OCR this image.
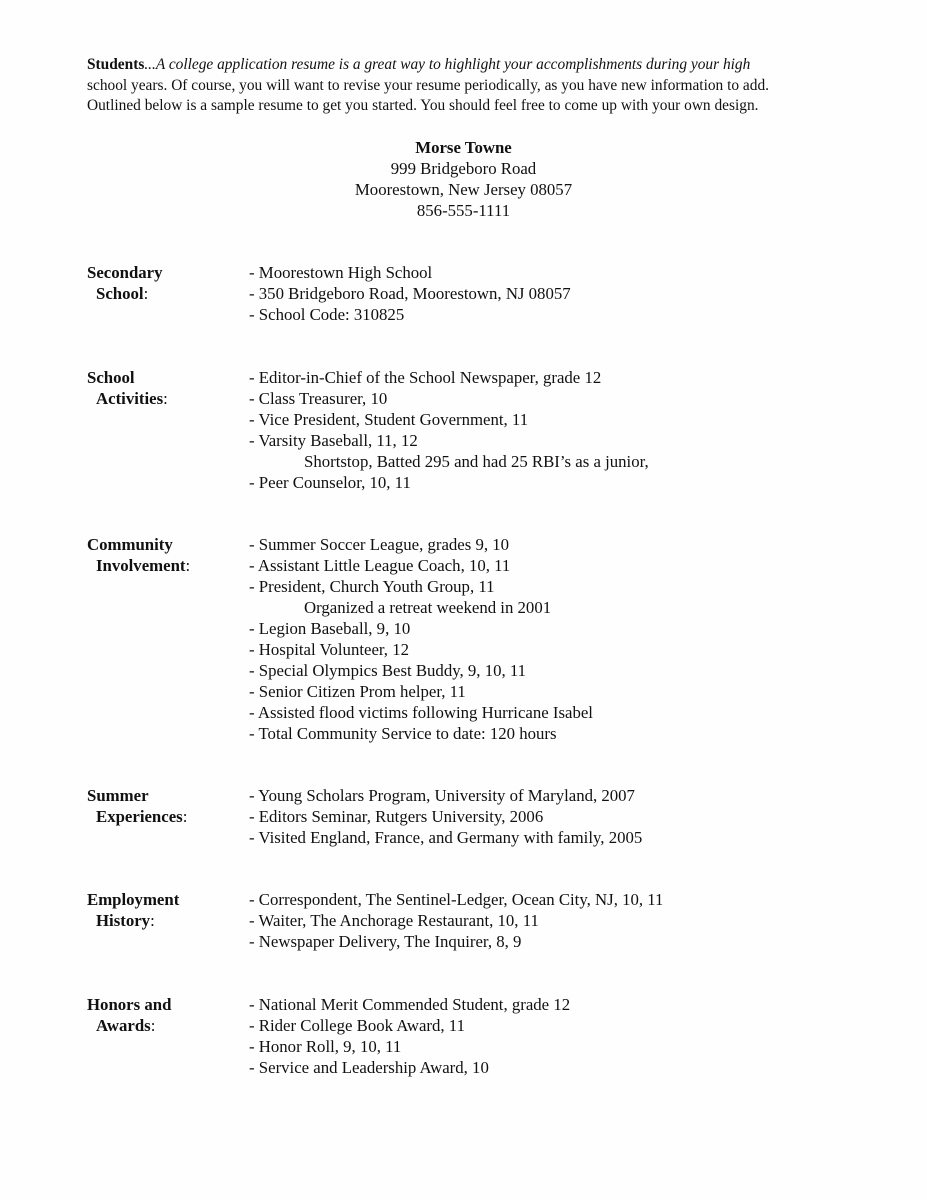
Students...A college application resume is a great way to highlight your accomplishments during your high
school years. Of course, you will want to revise your resume periodically, as you have new information to add.
Outlined below is a sample resume to get you started. You should feel free to come up with your own design.
Morse Towne
999 Bridgeboro Road
Moorestown, New Jersey 08057
856-555-1111
Secondary
School:
- Moorestown High School
- 350 Bridgeboro Road, Moorestown, NJ 08057
- School Code: 310825
School
Activities:
- Editor-in-Chief of the School Newspaper, grade 12
- Class Treasurer, 10
- Vice President, Student Government, 11
- Varsity Baseball, 11, 12
Shortstop, Batted 295 and had 25 RBI’s as a junior,
- Peer Counselor, 10, 11
Community
Involvement:
- Summer Soccer League, grades 9, 10
- Assistant Little League Coach, 10, 11
- President, Church Youth Group, 11
Organized a retreat weekend in 2001
- Legion Baseball, 9, 10
- Hospital Volunteer, 12
- Special Olympics Best Buddy, 9, 10, 11
- Senior Citizen Prom helper, 11
- Assisted flood victims following Hurricane Isabel
- Total Community Service to date: 120 hours
Summer
Experiences:
- Young Scholars Program, University of Maryland, 2007
- Editors Seminar, Rutgers University, 2006
- Visited England, France, and Germany with family, 2005
Employment
History:
- Correspondent, The Sentinel-Ledger, Ocean City, NJ, 10, 11
- Waiter, The Anchorage Restaurant, 10, 11
- Newspaper Delivery, The Inquirer, 8, 9
Honors and
Awards:
- National Merit Commended Student, grade 12
- Rider College Book Award, 11
- Honor Roll, 9, 10, 11
- Service and Leadership Award, 10
